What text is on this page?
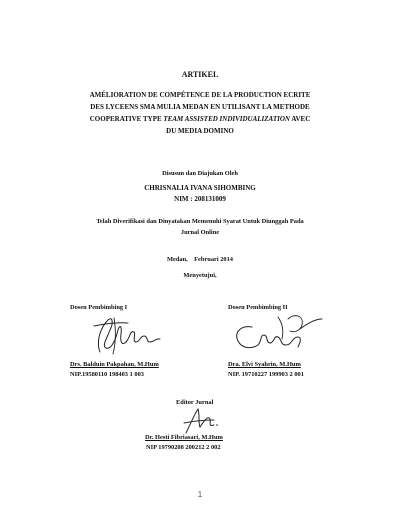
ARTIKEL
AMÉLIORATION DE COMPÉTENCE DE LA PRODUCTION ECRITE
DES LYCEENS SMA MULIA MEDAN EN UTILISANT LA METHODE
COOPERATIVE TYPE TEAM ASSISTED INDIVIDUALIZATION AVEC
DU MEDIA DOMINO
Disusun dan Diajukan Oleh
CHRISNALIA IVANA SIHOMBING
NIM : 208131009
Telah Diverifikasi dan Dinyatakan Memenuhi Syarat Untuk Diunggah Pada
Jurnal Online
Medan,    Februari 2014
Menyetujui,
Dosen Pembimbing I
Drs. Balduin Pakpahan, M.Hum
NIP.19580110 198403 1 003
Dosen Pembimbing II
Dra. Elvi Syahrin, M.Hum
NIP. 19710227 199903 2 001
Editor Jurnal
Dr. Hesti Fibriasari, M.Hum
NIP 19790208 200212 2 002
1
